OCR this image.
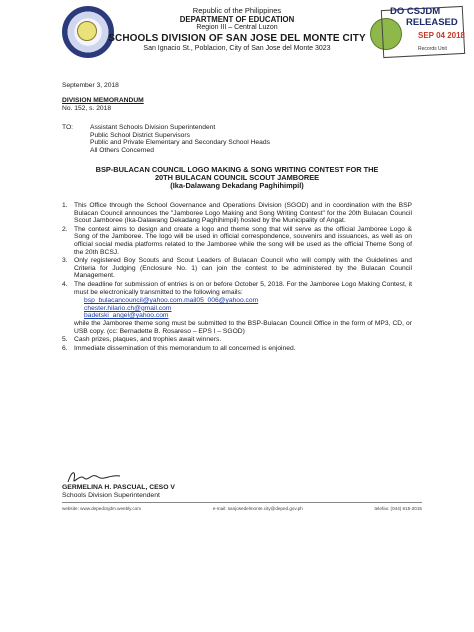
Republic of the Philippines
DEPARTMENT OF EDUCATION
Region III – Central Luzon
SCHOOLS DIVISION OF SAN JOSE DEL MONTE CITY
San Ignacio St., Poblacion, City of San Jose del Monte 3023
DO CSJDM
RELEASED
SEP 04 2018
Records Unit
September 3, 2018
DIVISION MEMORANDUM
No. 152, s. 2018
TO:	Assistant Schools Division Superintendent
Public School District Supervisors
Public and Private Elementary and Secondary School Heads
All Others Concerned
BSP-BULACAN COUNCIL LOGO MAKING & SONG WRITING CONTEST FOR THE
20TH BULACAN COUNCIL SCOUT JAMBOREE
(Ika-Dalawang Dekadang Paghihimpil)
1. This Office through the School Governance and Operations Division (SGOD) and in coordination with the BSP Bulacan Council announces the "Jamboree Logo Making and Song Writing Contest" for the 20th Bulacan Council Scout Jamboree (Ika-Dalawang Dekadang Paghihimpil) hosted by the Municipality of Angat.
2. The contest aims to design and create a logo and theme song that will serve as the official Jamboree Logo & Song of the Jamboree. The logo will be used in official correspondence, souvenirs and issuances, as well as on official social media platforms related to the Jamboree while the song will be used as the official Theme Song of the 20th BCSJ.
3. Only registered Boy Scouts and Scout Leaders of Bulacan Council who will comply with the Guidelines and Criteria for Judging (Enclosure No. 1) can join the contest to be administered by the Bulacan Council Management.
4. The deadline for submission of entries is on or before October 5, 2018. For the Jamboree Logo Making Contest, it must be electronically transmitted to the following emails:
bsp_bulacancouncil@yahoo.com.mail05_006@yahoo.com
chester.hilario.ch@gmail.com
badetski_angel@yahoo.com
while the Jamboree theme song must be submitted to the BSP-Bulacan Council Office in the form of MP3, CD, or USB copy. (cc: Bernadette B. Rosareso – EPS I – SGOD)
5. Cash prizes, plaques, and trophies await winners.
6. Immediate dissemination of this memorandum to all concerned is enjoined.
GERMELINA H. PASCUAL, CESO V
Schools Division Superintendent
website: www.depedcsjdm.weebly.com	e-mail: sanjosedelmonte.city@deped.gov.ph	telefax: (044) 815-2015
